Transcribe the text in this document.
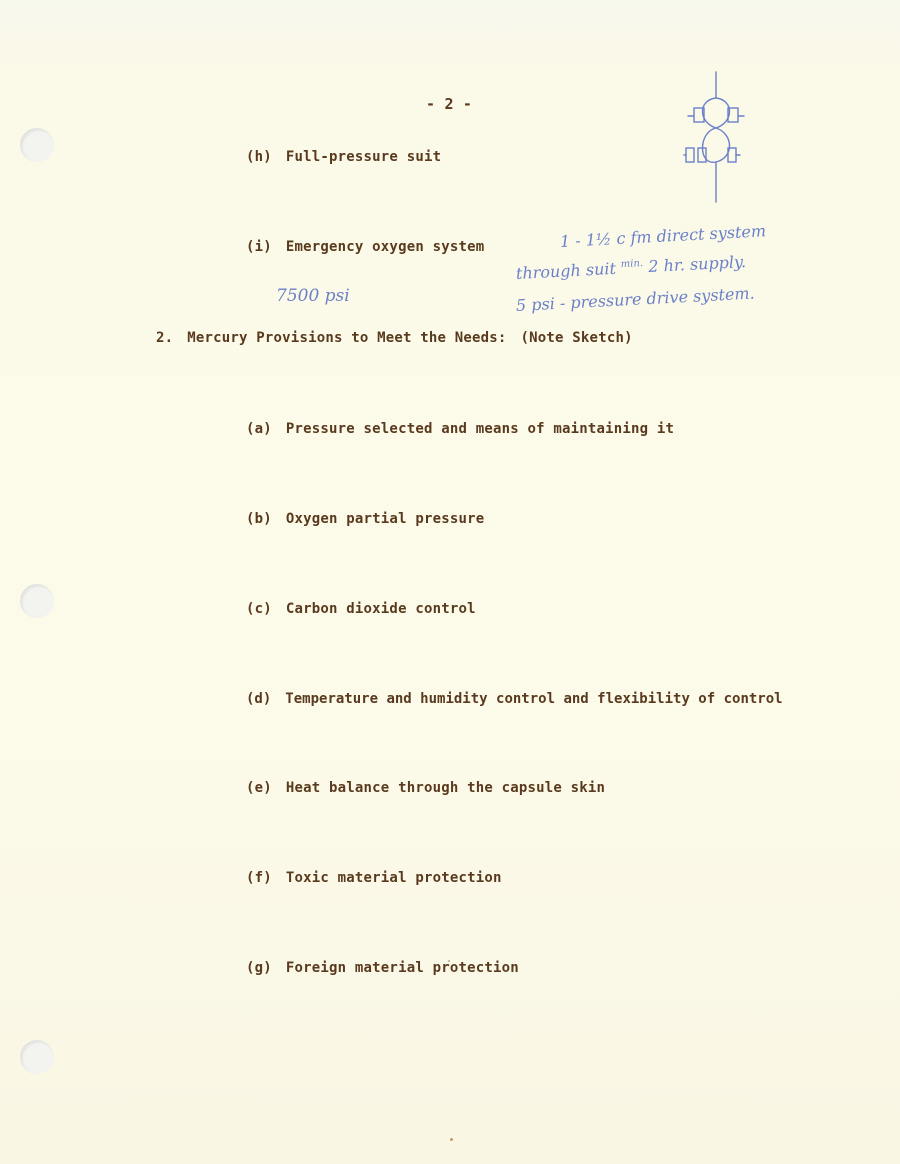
- 2 -
(h) Full-pressure suit
(i) Emergency oxygen system
2. Mercury Provisions to Meet the Needs: (Note Sketch)
(a) Pressure selected and means of maintaining it
(b) Oxygen partial pressure
(c) Carbon dioxide control
(d) Temperature and humidity control and flexibility of control
(e) Heat balance through the capsule skin
(f) Toxic material protection
(g) Foreign material protection
7500 psi
1 - 1½ c fm direct system
through suit $^{min.}$ 2 hr. supply.
5 psi - pressure drive system.
